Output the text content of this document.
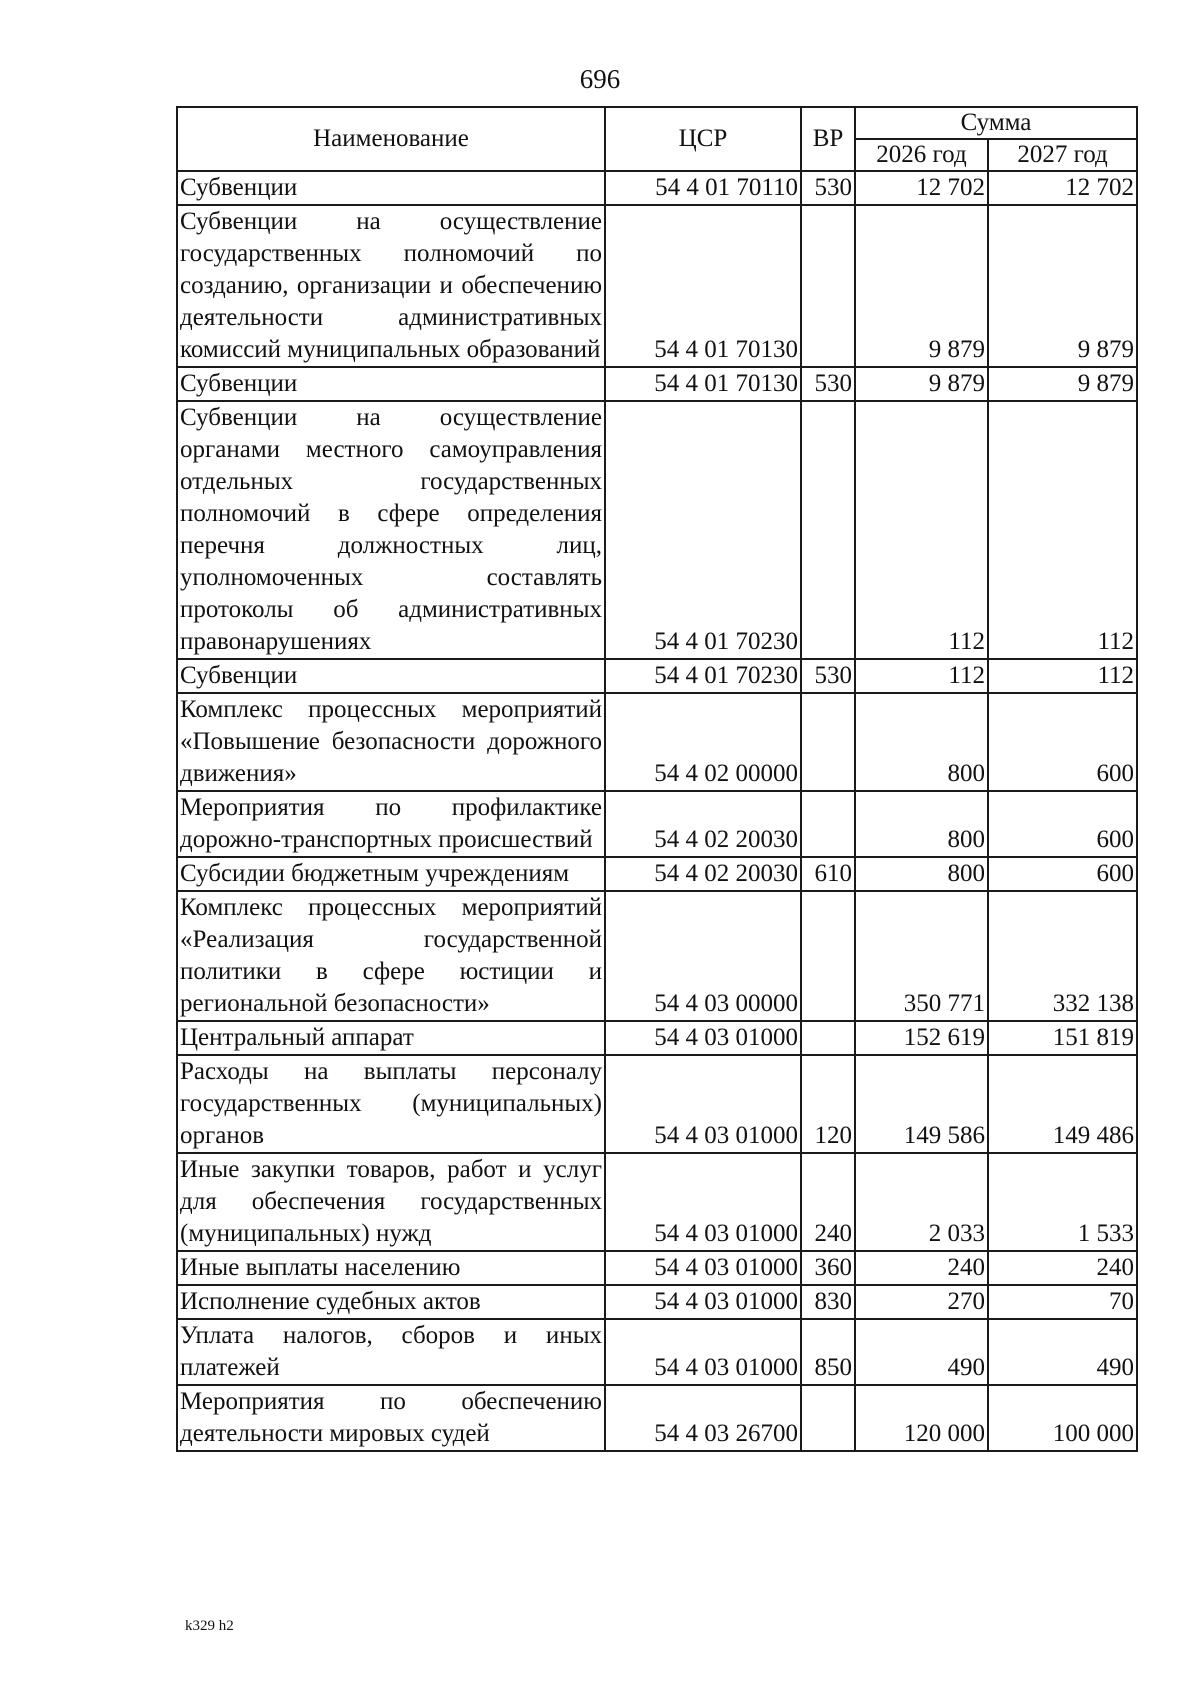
696
Наименование	ЦСР	ВР	Сумма	
			2026 год	2027 год
Субвенции	54 4 01 70110	530	12 702	12 702
Субвенции на осуществление государственных полномочий по созданию, организации и обеспечению деятельности административных комиссий муниципальных образований	54 4 01 70130		9 879	9 879
Субвенции	54 4 01 70130	530	9 879	9 879
Субвенции на осуществление органами местного самоуправления отдельных государственных полномочий в сфере определения перечня должностных лиц, уполномоченных составлять протоколы об административных правонарушениях	54 4 01 70230		112	112
Субвенции	54 4 01 70230	530	112	112
Комплекс процессных мероприятий «Повышение безопасности дорожного движения»	54 4 02 00000		800	600
Мероприятия по профилактике дорожно-транспортных происшествий	54 4 02 20030		800	600
Субсидии бюджетным учреждениям	54 4 02 20030	610	800	600
Комплекс процессных мероприятий «Реализация государственной политики в сфере юстиции и региональной безопасности»	54 4 03 00000		350 771	332 138
Центральный аппарат	54 4 03 01000		152 619	151 819
Расходы на выплаты персоналу государственных (муниципальных) органов	54 4 03 01000	120	149 586	149 486
Иные закупки товаров, работ и услуг для обеспечения государственных (муниципальных) нужд	54 4 03 01000	240	2 033	1 533
Иные выплаты населению	54 4 03 01000	360	240	240
Исполнение судебных актов	54 4 03 01000	830	270	70
Уплата налогов, сборов и иных платежей	54 4 03 01000	850	490	490
Мероприятия по обеспечению деятельности мировых судей	54 4 03 26700		120 000	100 000
k329 h2
